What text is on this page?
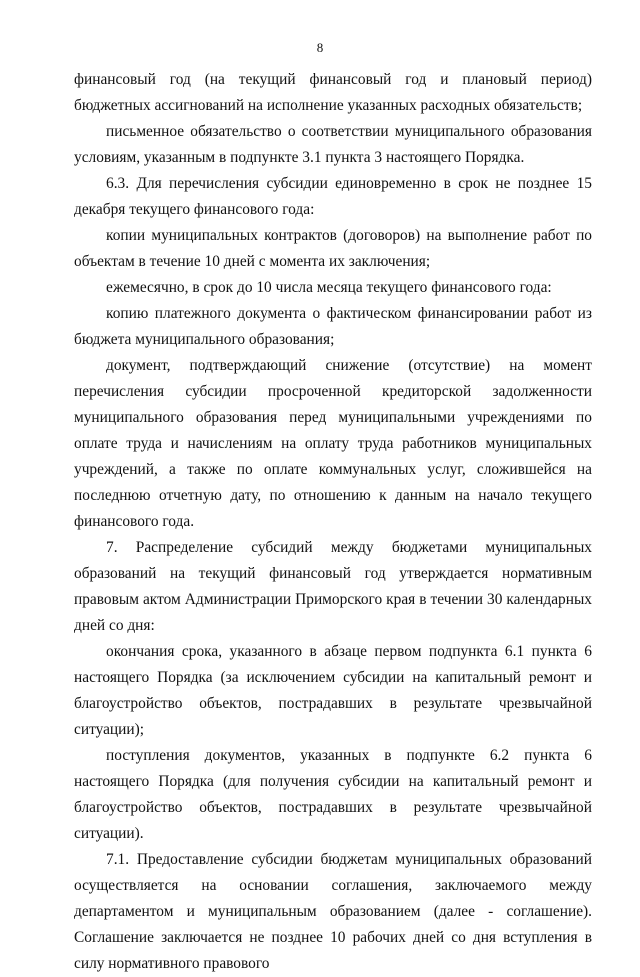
8

финансовый год (на текущий финансовый год и плановый период) бюджетных ассигнований на исполнение указанных расходных обязательств;

письменное обязательство о соответствии муниципального образования условиям, указанным в подпункте 3.1 пункта 3 настоящего Порядка.

6.3. Для перечисления субсидии единовременно в срок не позднее 15 декабря текущего финансового года:

копии муниципальных контрактов (договоров) на выполнение работ по объектам в течение 10 дней с момента их заключения;

ежемесячно, в срок до 10 числа месяца текущего финансового года:

копию платежного документа о фактическом финансировании работ из бюджета муниципального образования;

документ, подтверждающий снижение (отсутствие) на момент перечисления субсидии просроченной кредиторской задолженности муниципального образования перед муниципальными учреждениями по оплате труда и начислениям на оплату труда работников муниципальных учреждений, а также по оплате коммунальных услуг, сложившейся на последнюю отчетную дату, по отношению к данным на начало текущего финансового года.

7. Распределение субсидий между бюджетами муниципальных образований на текущий финансовый год утверждается нормативным правовым актом Администрации Приморского края в течении 30 календарных дней со дня:

окончания срока, указанного в абзаце первом подпункта 6.1 пункта 6 настоящего Порядка (за исключением субсидии на капитальный ремонт и благоустройство объектов, пострадавших в результате чрезвычайной ситуации);

поступления документов, указанных в подпункте 6.2 пункта 6 настоящего Порядка (для получения субсидии на капитальный ремонт и благоустройство объектов, пострадавших в результате чрезвычайной ситуации).

7.1. Предоставление субсидии бюджетам муниципальных образований осуществляется на основании соглашения, заключаемого между департаментом и муниципальным образованием (далее - соглашение). Соглашение заключается не позднее 10 рабочих дней со дня вступления в силу нормативного правового
